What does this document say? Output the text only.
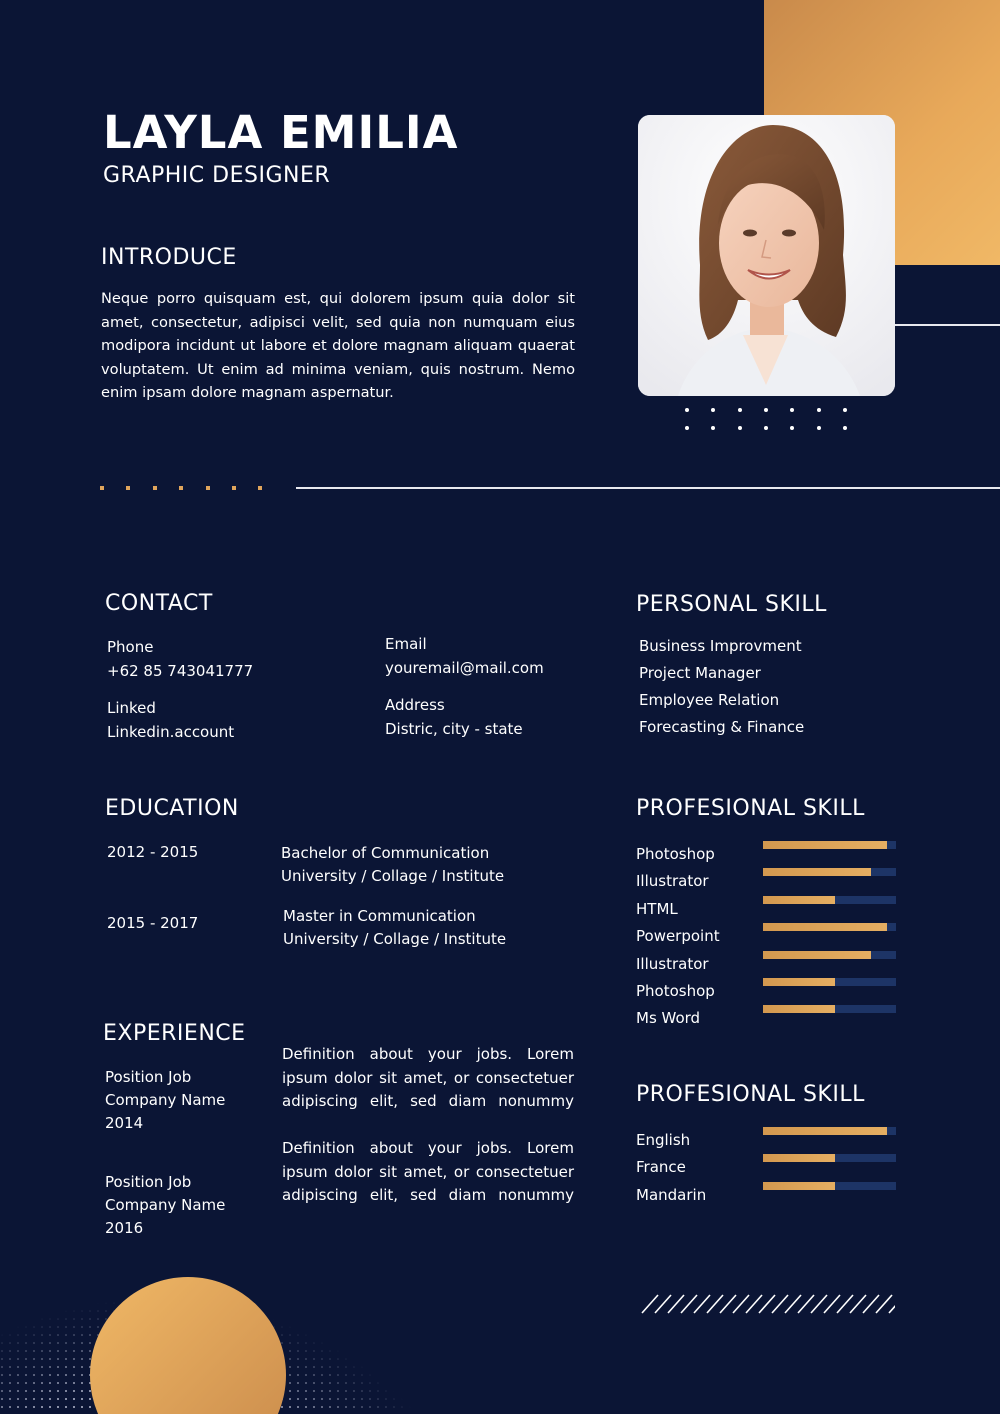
LAYLA EMILIA
GRAPHIC DESIGNER
INTRODUCE
Neque porro quisquam est, qui dolorem ipsum quia dolor sit amet, consectetur, adipisci velit, sed quia non numquam eius modipora incidunt ut labore et dolore magnam aliquam quaerat voluptatem. Ut enim ad minima veniam, quis nostrum. Nemo enim ipsam dolore magnam aspernatur.
CONTACT
Phone
+62 85 743041777
Linked
Linkedin.account
Email
youremail@mail.com
Address
Distric, city - state
EDUCATION
2012 - 2015	Bachelor of Communication
University / Collage / Institute
2015 - 2017	Master in Communication
University / Collage / Institute
EXPERIENCE
Position Job
Company Name
2014
Definition about your jobs. Lorem
ipsum dolor sit amet, or consectetuer
adipiscing elit, sed diam nonummy
Position Job
Company Name
2016
Definition about your jobs. Lorem
ipsum dolor sit amet, or consectetuer
adipiscing elit, sed diam nonummy
PERSONAL SKILL
Business Improvment
Project Manager
Employee Relation
Forecasting & Finance
PROFESIONAL SKILL
Photoshop
Illustrator
HTML
Powerpoint
Illustrator
Photoshop
Ms Word
PROFESIONAL SKILL
English
France
Mandarin
